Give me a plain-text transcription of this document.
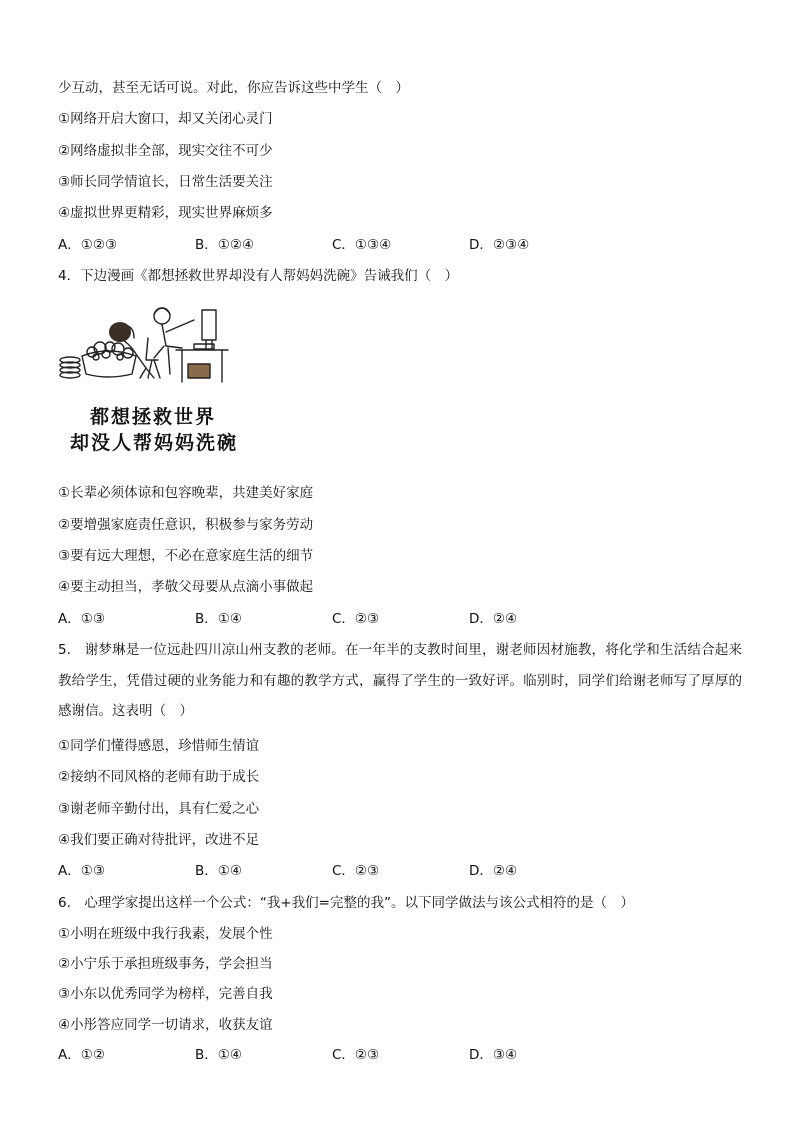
少互动，甚至无话可说。对此，你应告诉这些中学生（　）
①网络开启大窗口，却又关闭心灵门
②网络虚拟非全部，现实交往不可少
③师长同学情谊长，日常生活要关注
④虚拟世界更精彩，现实世界麻烦多
A．①②③	B．①②④	C．①③④	D．②③④
4．下边漫画《都想拯救世界却没有人帮妈妈洗碗》告诫我们（　）
都想拯救世界
却没人帮妈妈洗碗
①长辈必须体谅和包容晚辈，共建美好家庭
②要增强家庭责任意识，积极参与家务劳动
③要有远大理想，不必在意家庭生活的细节
④要主动担当，孝敬父母要从点滴小事做起
A．①③	B．①④	C．②③	D．②④
5.　谢梦琳是一位远赴四川凉山州支教的老师。在一年半的支教时间里，谢老师因材施教，将化学和生活结合起来教给学生，凭借过硬的业务能力和有趣的教学方式，赢得了学生的一致好评。临别时，同学们给谢老师写了厚厚的感谢信。这表明（　）
①同学们懂得感恩，珍惜师生情谊
②接纳不同风格的老师有助于成长
③谢老师辛勤付出，具有仁爱之心
④我们要正确对待批评，改进不足
A．①③	B．①④	C．②③	D．②④
6.　心理学家提出这样一个公式：“我+我们=完整的我”。以下同学做法与该公式相符的是（　）
①小明在班级中我行我素，发展个性
②小宁乐于承担班级事务，学会担当
③小东以优秀同学为榜样，完善自我
④小彤答应同学一切请求，收获友谊
A．①②	B．①④	C．②③	D．③④
